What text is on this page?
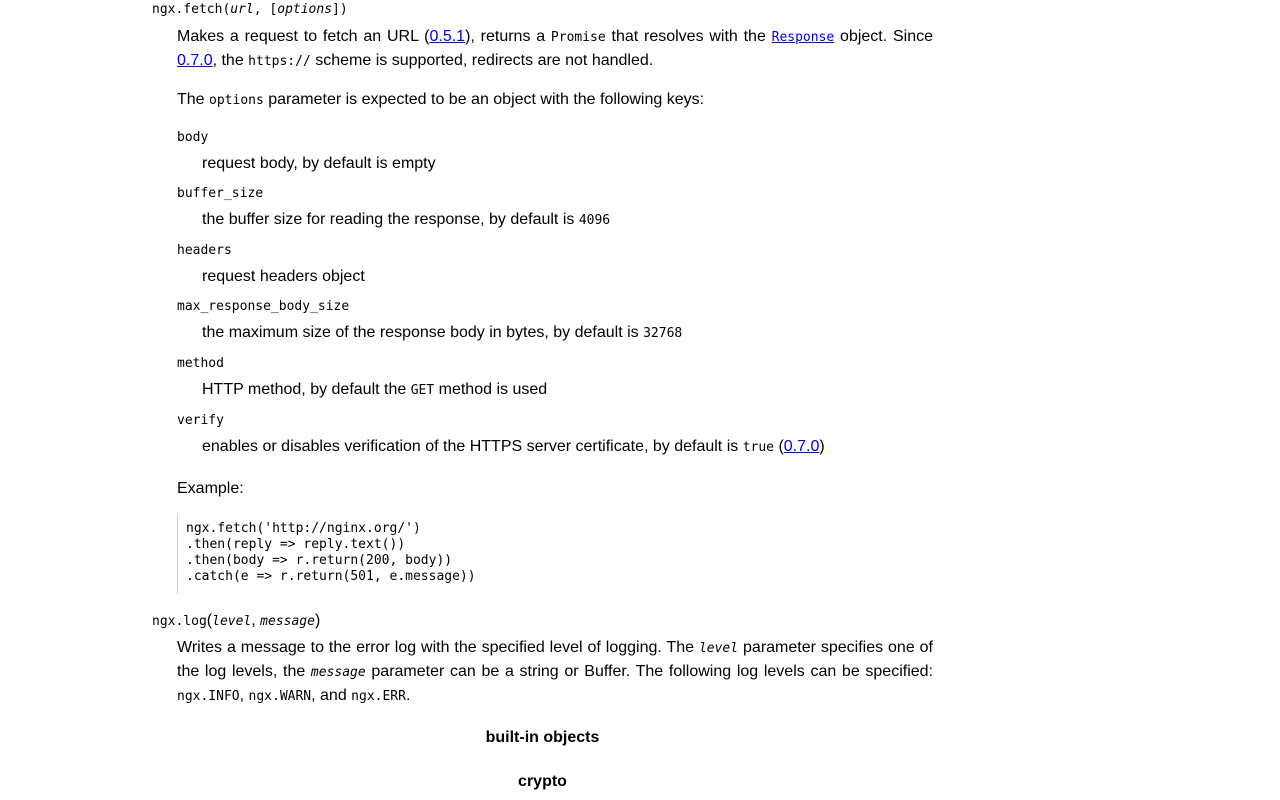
ngx.fetch(url, [options])
Makes a request to fetch an URL (0.5.1), returns a Promise that resolves with the Response object. Since
0.7.0, the https:// scheme is supported, redirects are not handled.
The options parameter is expected to be an object with the following keys:
body
request body, by default is empty
buffer_size
the buffer size for reading the response, by default is 4096
headers
request headers object
max_response_body_size
the maximum size of the response body in bytes, by default is 32768
method
HTTP method, by default the GET method is used
verify
enables or disables verification of the HTTPS server certificate, by default is true (0.7.0)
Example:
ngx.fetch('http://nginx.org/')
.then(reply => reply.text())
.then(body => r.return(200, body))
.catch(e => r.return(501, e.message))
ngx.log(level, message)
Writes a message to the error log with the specified level of logging. The level parameter specifies one of
the log levels, the message parameter can be a string or Buffer. The following log levels can be specified:
ngx.INFO, ngx.WARN, and ngx.ERR.
built-in objects
crypto
